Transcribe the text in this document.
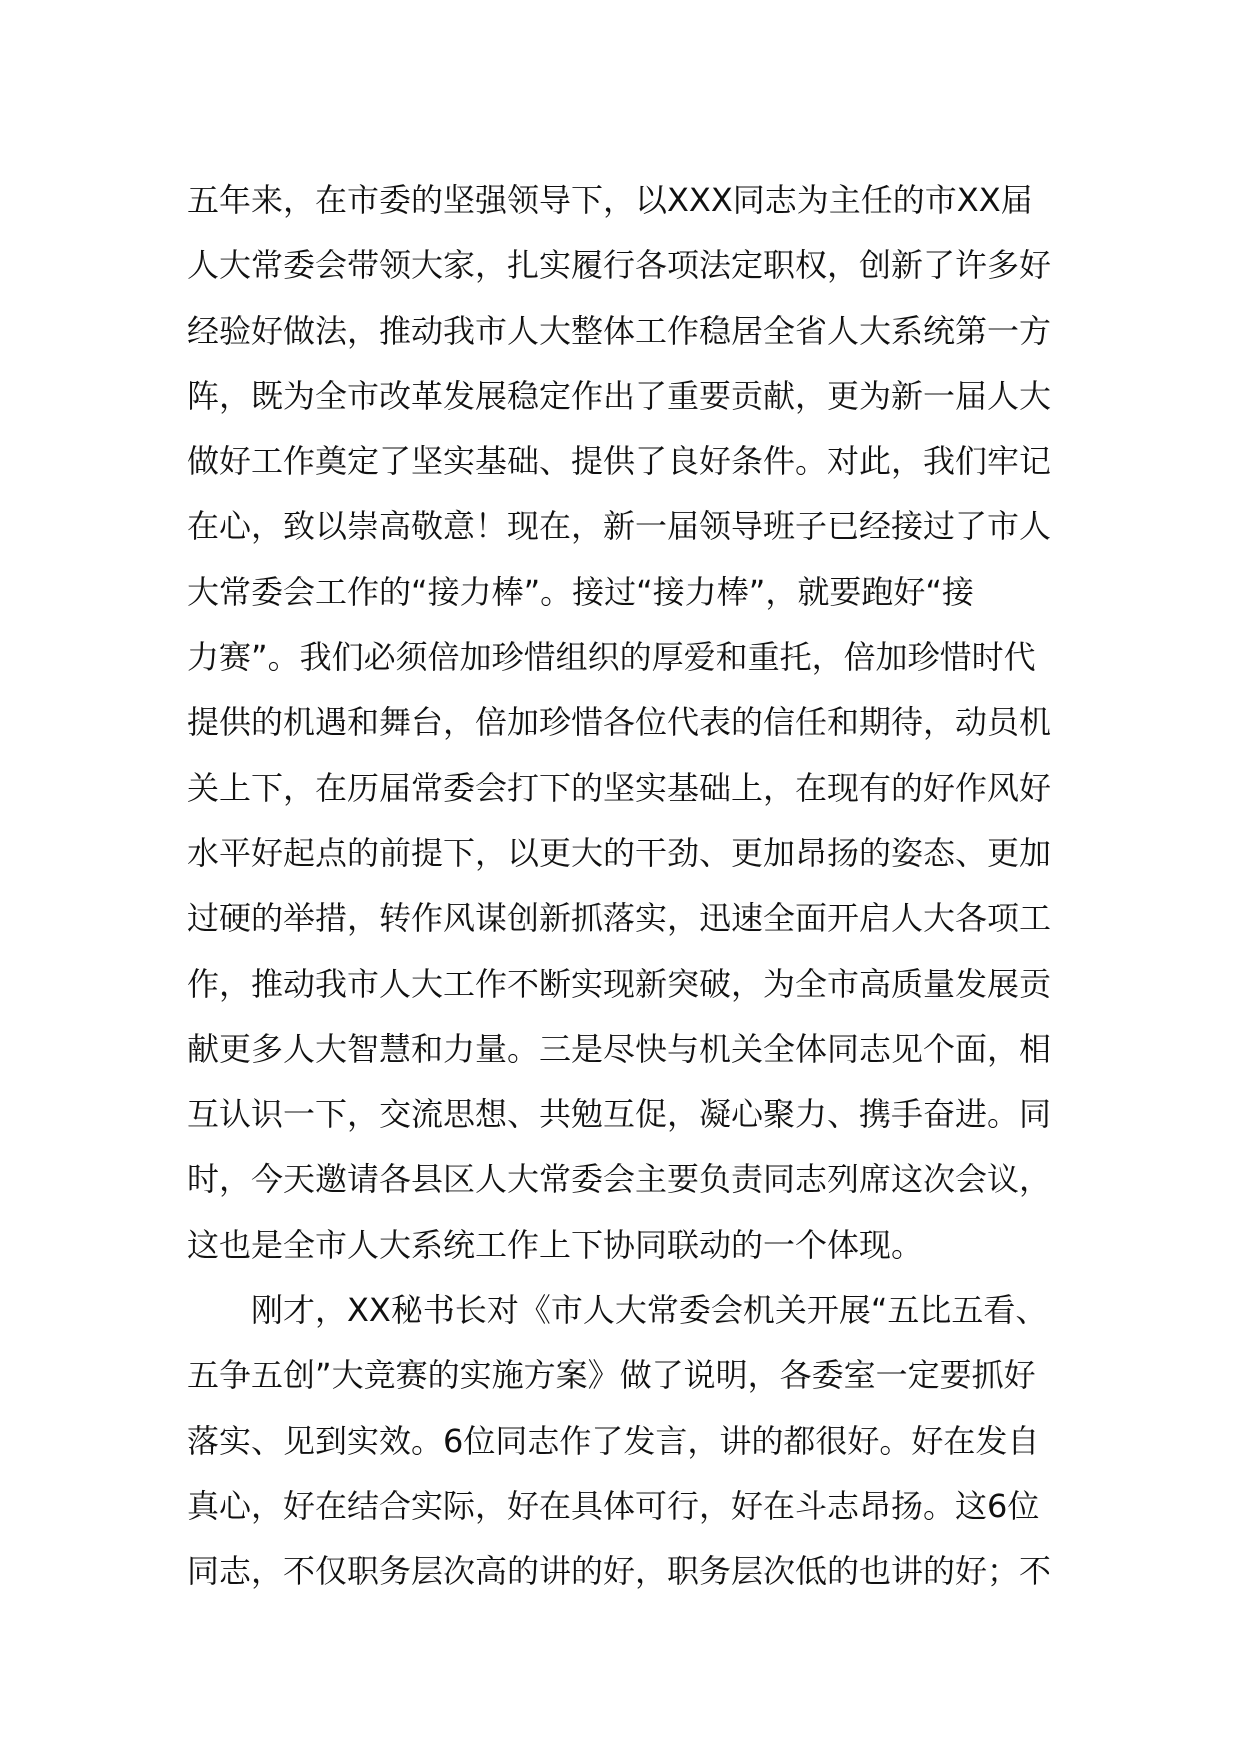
五年来，在市委的坚强领导下，以XXX同志为主任的市XX届
人大常委会带领大家，扎实履行各项法定职权，创新了许多好
经验好做法，推动我市人大整体工作稳居全省人大系统第一方
阵，既为全市改革发展稳定作出了重要贡献，更为新一届人大
做好工作奠定了坚实基础、提供了良好条件。对此，我们牢记
在心，致以崇高敬意！现在，新一届领导班子已经接过了市人
大常委会工作的“接力棒”。接过“接力棒”，就要跑好“接
力赛”。我们必须倍加珍惜组织的厚爱和重托，倍加珍惜时代
提供的机遇和舞台，倍加珍惜各位代表的信任和期待，动员机
关上下，在历届常委会打下的坚实基础上，在现有的好作风好
水平好起点的前提下，以更大的干劲、更加昂扬的姿态、更加
过硬的举措，转作风谋创新抓落实，迅速全面开启人大各项工
作，推动我市人大工作不断实现新突破，为全市高质量发展贡
献更多人大智慧和力量。三是尽快与机关全体同志见个面，相
互认识一下，交流思想、共勉互促，凝心聚力、携手奋进。同
时，今天邀请各县区人大常委会主要负责同志列席这次会议，
这也是全市人大系统工作上下协同联动的一个体现。
刚才，XX秘书长对《市人大常委会机关开展“五比五看、
五争五创”大竞赛的实施方案》做了说明，各委室一定要抓好
落实、见到实效。6位同志作了发言，讲的都很好。好在发自
真心，好在结合实际，好在具体可行，好在斗志昂扬。这6位
同志，不仅职务层次高的讲的好，职务层次低的也讲的好；不
